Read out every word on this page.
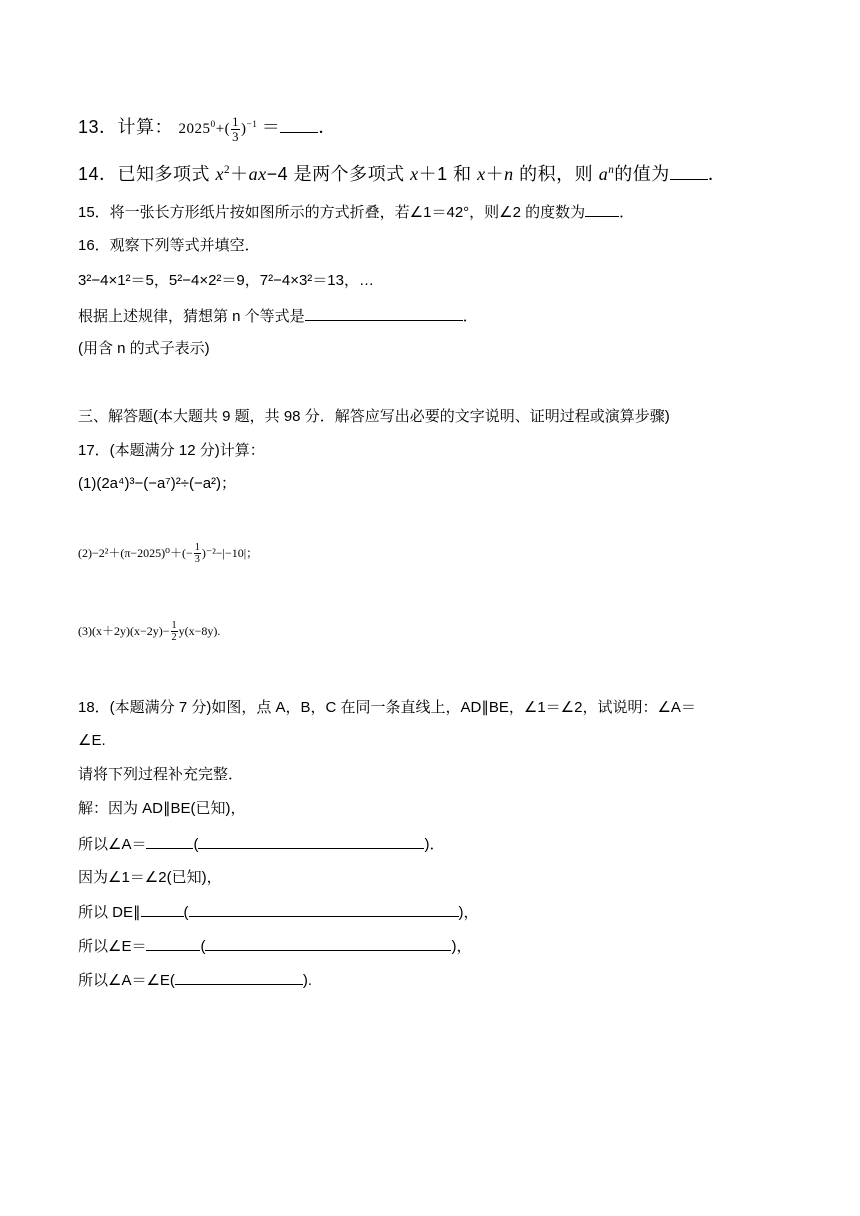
13．计算： $2025^0+( \frac{1}{3} )^{-1}$ ＝ ．
14．已知多项式 $x^2+ax-4$ 是两个多项式 x＋1 和 x＋n 的积，则 $a^n$的值为 ．
15．将一张长方形纸片按如图所示的方式折叠，若∠1＝42°，则∠2 的度数为 ．
16．观察下列等式并填空．
3²−4×1²＝5，5²−4×2²＝9，7²−4×3²＝13，…
根据上述规律，猜想第 n 个等式是	．
(用含 n 的式子表示)
三、解答题(本大题共 9 题，共 98 分．解答应写出必要的文字说明、证明过程或演算步骤)
17．(本题满分 12 分)计算：
(1)(2a⁴)³−(−a⁷)²÷(−a²)；
$(2)-2^2+(\pi-2025)^0+(- \frac{1}{3} )^{-2}-|-10|$；
$(3)(x+2y)(x-2y)- \frac{1}{2} y(x-8y)$.
18．(本题满分 7 分)如图，点 A，B，C 在同一条直线上，AD∥BE，∠1＝∠2，试说明：∠A＝
∠E.
请将下列过程补充完整．
解：因为 AD∥BE(已知)，
所以∠A＝	(	)．
因为∠1＝∠2(已知)，
所以 DE∥	(	)，
所以∠E＝	(	)，
所以∠A＝∠E(	).
